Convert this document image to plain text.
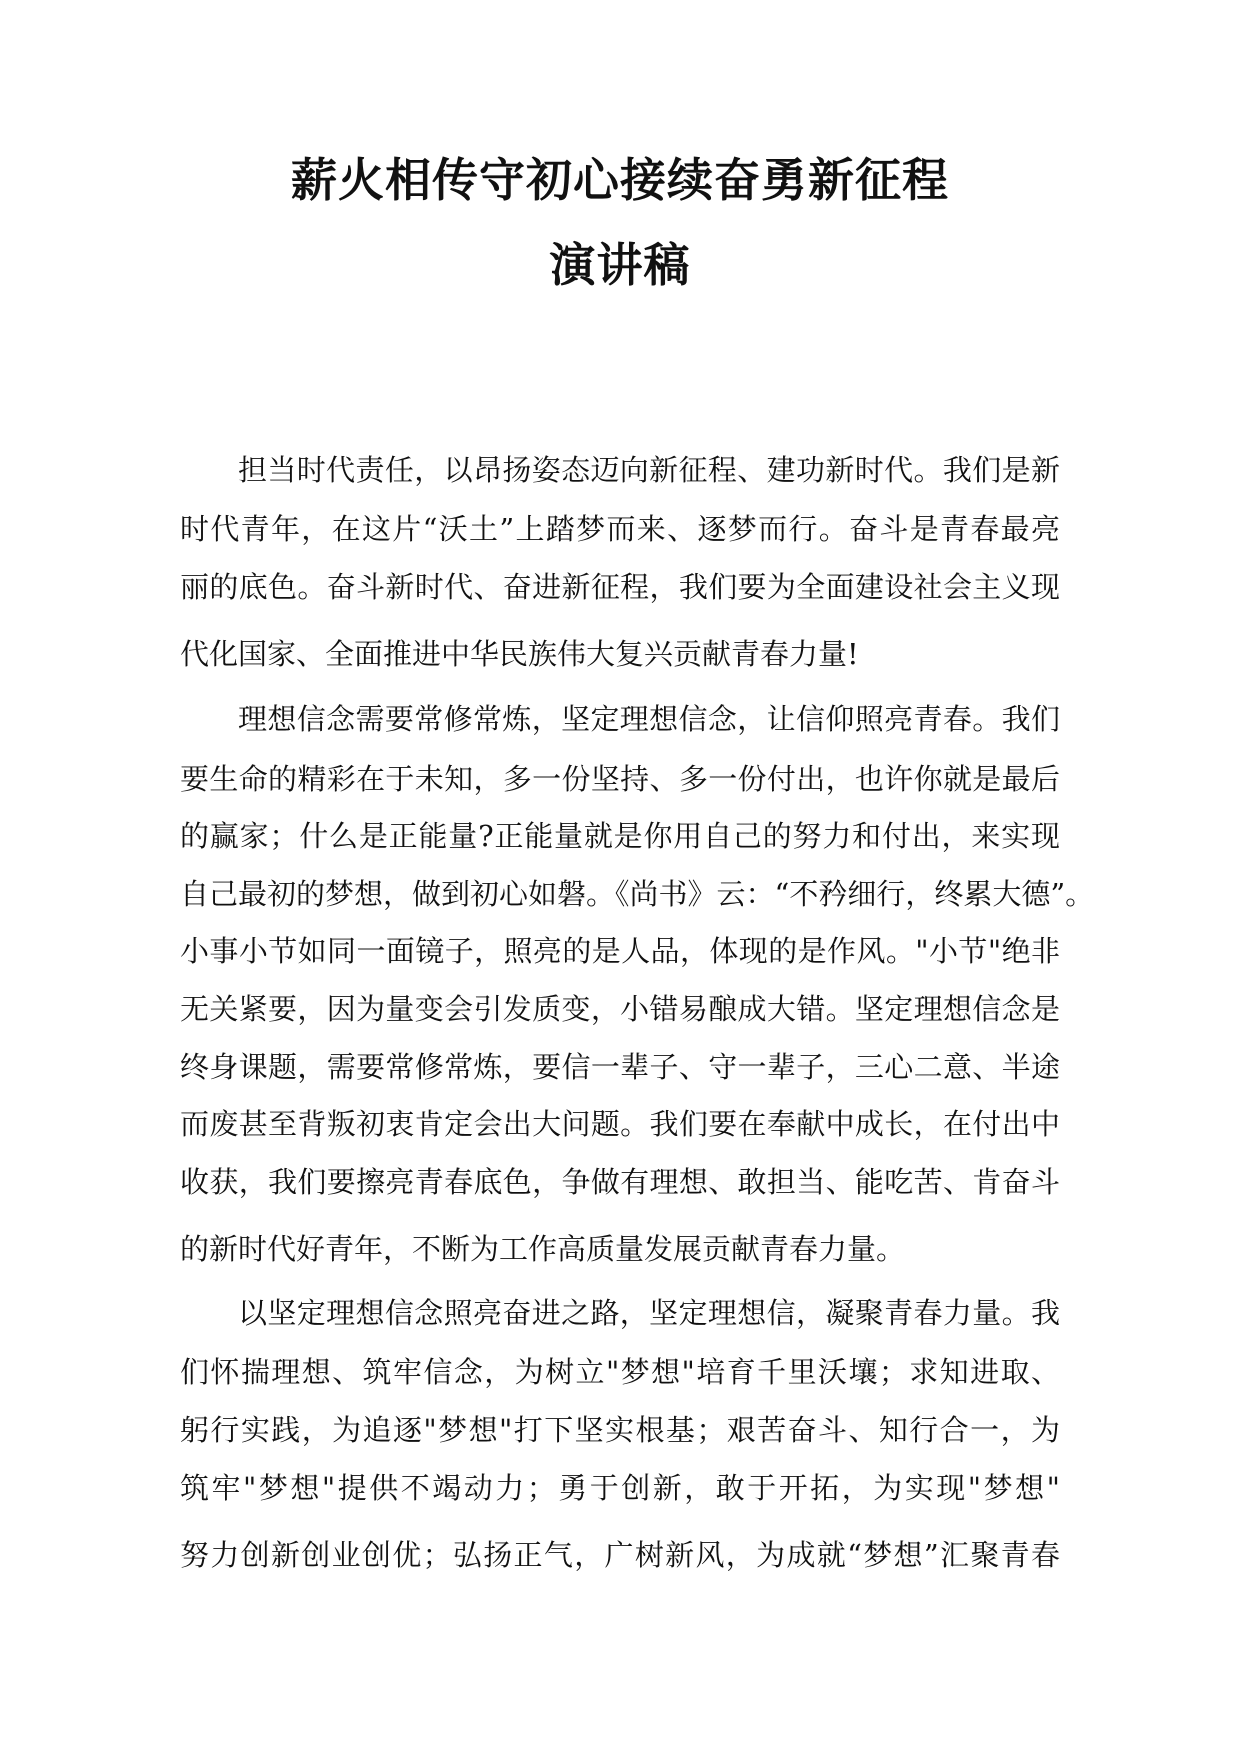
薪火相传守初心接续奋勇新征程
演讲稿

担当时代责任，以昂扬姿态迈向新征程、建功新时代。我们是新

时代青年，在这片“沃土”上踏梦而来、逐梦而行。奋斗是青春最亮

丽的底色。奋斗新时代、奋进新征程，我们要为全面建设社会主义现

代化国家、全面推进中华民族伟大复兴贡献青春力量!

理想信念需要常修常炼，坚定理想信念，让信仰照亮青春。我们

要生命的精彩在于未知，多一份坚持、多一份付出，也许你就是最后

的赢家；什么是正能量?正能量就是你用自己的努力和付出，来实现

自己最初的梦想，做到初心如磐。《尚书》云：“不矜细行，终累大德”。

小事小节如同一面镜子，照亮的是人品，体现的是作风。"小节"绝非

无关紧要，因为量变会引发质变，小错易酿成大错。坚定理想信念是

终身课题，需要常修常炼，要信一辈子、守一辈子，三心二意、半途

而废甚至背叛初衷肯定会出大问题。我们要在奉献中成长，在付出中

收获，我们要擦亮青春底色，争做有理想、敢担当、能吃苦、肯奋斗

的新时代好青年，不断为工作高质量发展贡献青春力量。

以坚定理想信念照亮奋进之路，坚定理想信，凝聚青春力量。我

们怀揣理想、筑牢信念，为树立"梦想"培育千里沃壤；求知进取、

躬行实践，为追逐"梦想"打下坚实根基；艰苦奋斗、知行合一，为

筑牢"梦想"提供不竭动力；勇于创新，敢于开拓，为实现"梦想"

努力创新创业创优；弘扬正气，广树新风，为成就“梦想”汇聚青春
